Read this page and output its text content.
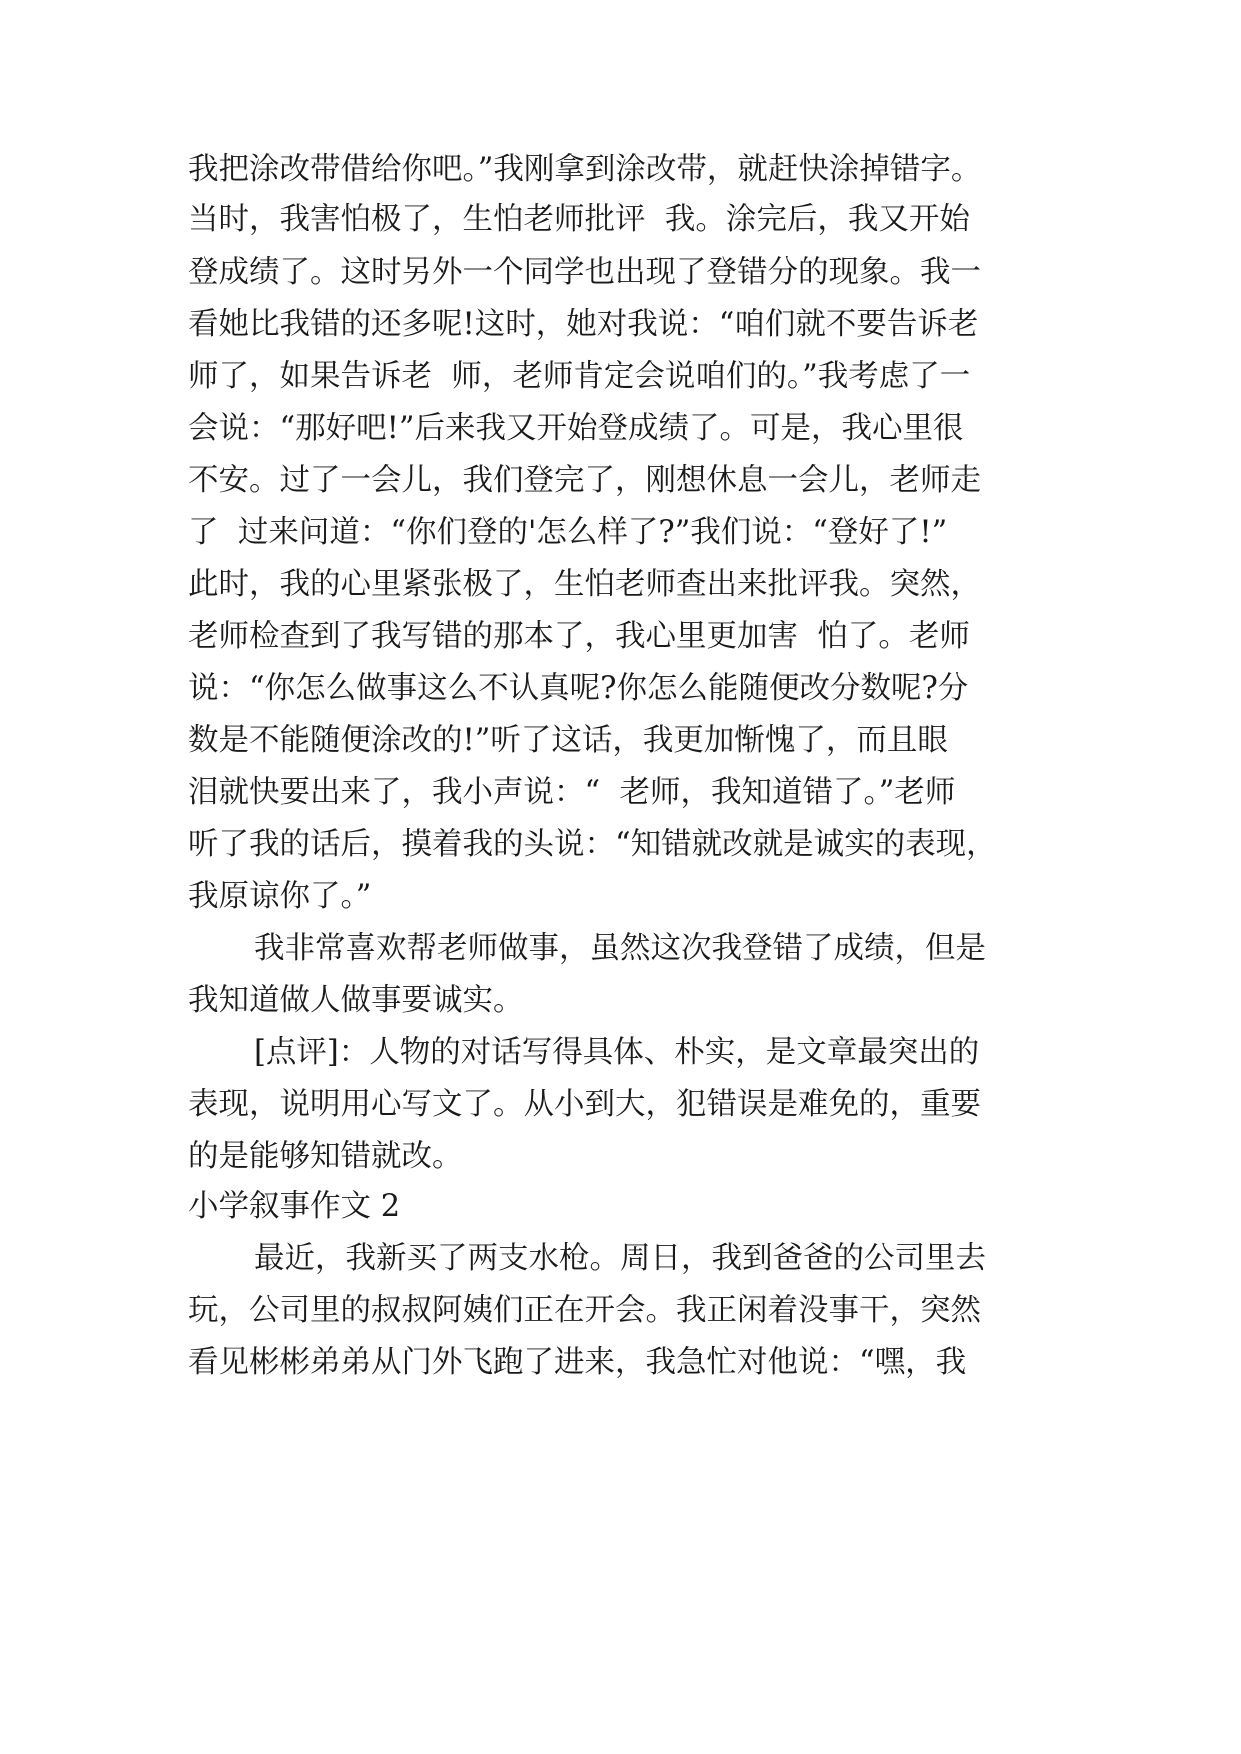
我把涂改带借给你吧。”我刚拿到涂改带，就赶快涂掉错字。
当时，我害怕极了，生怕老师批评  我。涂完后，我又开始
登成绩了。这时另外一个同学也出现了登错分的现象。我一
看她比我错的还多呢!这时，她对我说：“咱们就不要告诉老
师了，如果告诉老  师，老师肯定会说咱们的。”我考虑了一
会说：“那好吧!”后来我又开始登成绩了。可是，我心里很
不安。过了一会儿，我们登完了，刚想休息一会儿，老师走
了  过来问道：“你们登的'怎么样了?”我们说：“登好了!”
此时，我的心里紧张极了，生怕老师查出来批评我。突然，
老师检查到了我写错的那本了，我心里更加害  怕了。老师
说：“你怎么做事这么不认真呢?你怎么能随便改分数呢?分
数是不能随便涂改的!”听了这话，我更加惭愧了，而且眼
泪就快要出来了，我小声说：“  老师，我知道错了。”老师
听了我的话后，摸着我的头说：“知错就改就是诚实的表现，
我原谅你了。”
我非常喜欢帮老师做事，虽然这次我登错了成绩，但是
我知道做人做事要诚实。
[点评]：人物的对话写得具体、朴实，是文章最突出的
表现，说明用心写文了。从小到大，犯错误是难免的，重要
的是能够知错就改。
小学叙事作文 2
最近，我新买了两支水枪。周日，我到爸爸的公司里去
玩，公司里的叔叔阿姨们正在开会。我正闲着没事干，突然
看见彬彬弟弟从门外飞跑了进来，我急忙对他说：“嘿，我
